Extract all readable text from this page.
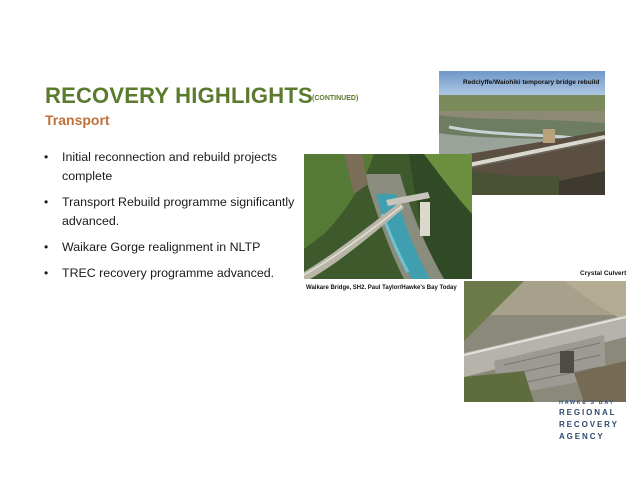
RECOVERY HIGHLIGHTS (CONTINUED)
Transport
• Initial reconnection and rebuild projects complete
• Transport Rebuild programme significantly advanced.
• Waikare Gorge realignment in NLTP
• TREC recovery programme advanced.
Redclyffe/Waiohiki temporary bridge rebuild
Waikare Bridge, SH2. Paul Taylor/Hawke's Bay Today
Crystal Culvert
HAWKE'S BAY
REGIONAL
RECOVERY
AGENCY
